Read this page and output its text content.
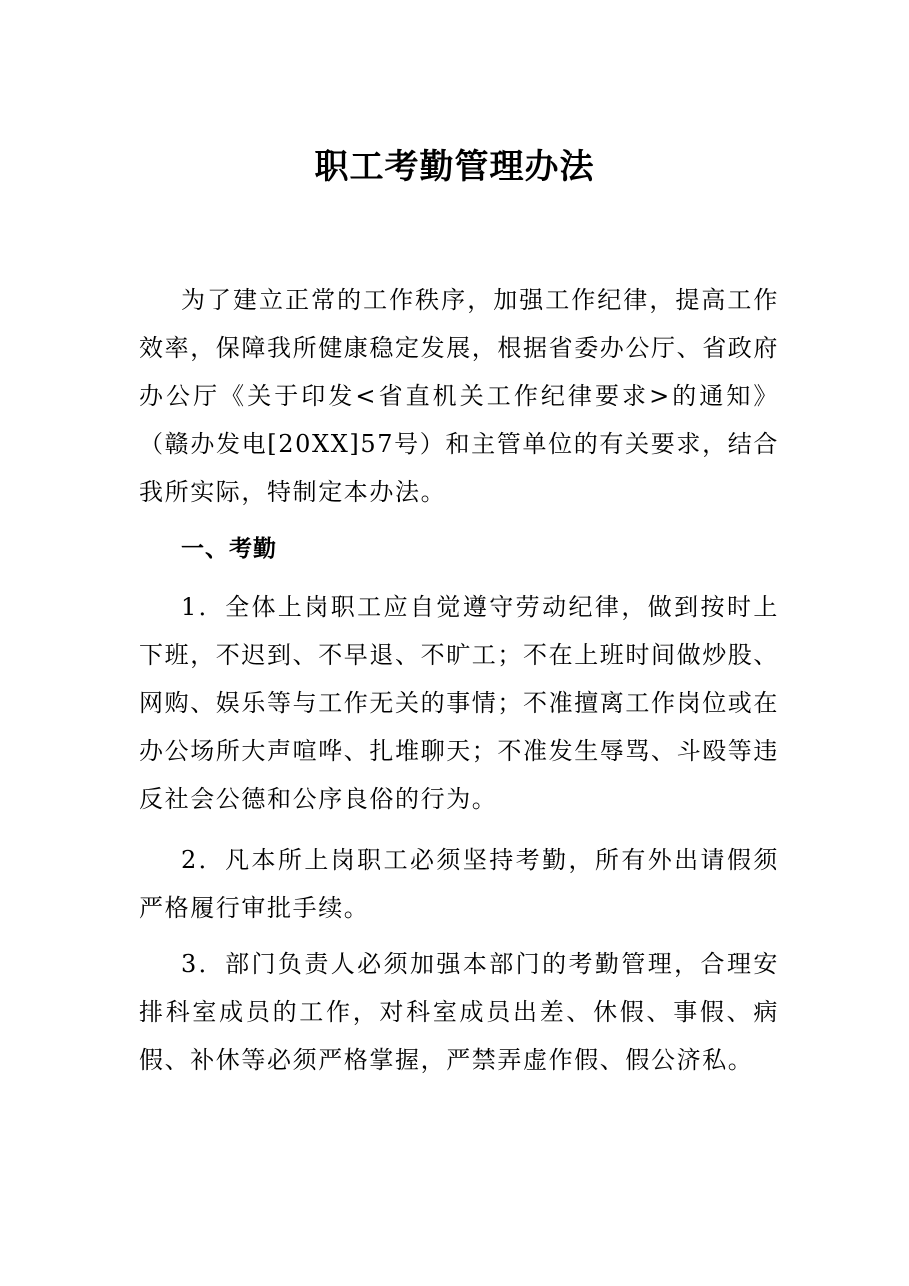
职工考勤管理办法

为了建立正常的工作秩序，加强工作纪律，提高工作效率，保障我所健康稳定发展，根据省委办公厅、省政府办公厅《关于印发<省直机关工作纪律要求>的通知》（赣办发电[20XX]57号）和主管单位的有关要求，结合我所实际，特制定本办法。

一、考勤

1．全体上岗职工应自觉遵守劳动纪律，做到按时上下班，不迟到、不早退、不旷工；不在上班时间做炒股、网购、娱乐等与工作无关的事情；不准擅离工作岗位或在办公场所大声喧哗、扎堆聊天；不准发生辱骂、斗殴等违反社会公德和公序良俗的行为。

2．凡本所上岗职工必须坚持考勤，所有外出请假须严格履行审批手续。

3．部门负责人必须加强本部门的考勤管理，合理安排科室成员的工作，对科室成员出差、休假、事假、病假、补休等必须严格掌握，严禁弄虚作假、假公济私。
